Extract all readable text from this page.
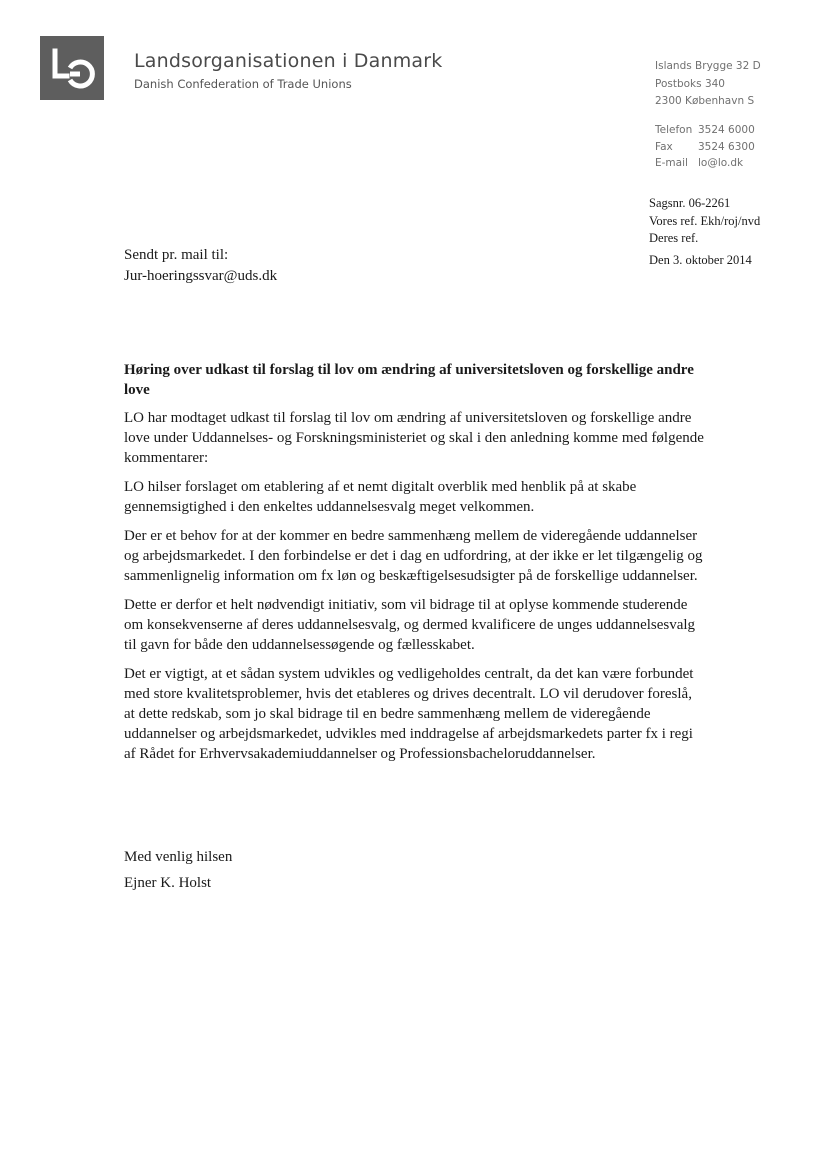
Landsorganisationen i Danmark
Danish Confederation of Trade Unions
Islands Brygge 32 D
Postboks 340
2300 København S
Telefon 3524 6000
Fax 3524 6300
E-mail lo@lo.dk
Sagsnr. 06-2261
Vores ref. Ekh/roj/nvd
Deres ref.
Den 3. oktober 2014
Sendt pr. mail til:
Jur-hoeringssvar@uds.dk

Høring over udkast til forslag til lov om ændring af universitetsloven og forskellige andre love

LO har modtaget udkast til forslag til lov om ændring af universitetsloven og forskellige andre love under Uddannelses- og Forskningsministeriet og skal i den anledning komme med følgende kommentarer:

LO hilser forslaget om etablering af et nemt digitalt overblik med henblik på at skabe gennemsigtighed i den enkeltes uddannelsesvalg meget velkommen.

Der er et behov for at der kommer en bedre sammenhæng mellem de videregående uddannelser og arbejdsmarkedet. I den forbindelse er det i dag en udfordring, at der ikke er let tilgængelig og sammenlignelig information om fx løn og beskæftigelsesudsigter på de forskellige uddannelser.

Dette er derfor et helt nødvendigt initiativ, som vil bidrage til at oplyse kommende studerende om konsekvenserne af deres uddannelsesvalg, og dermed kvalificere de unges uddannelsesvalg til gavn for både den uddannelsessøgende og fællesskabet.

Det er vigtigt, at et sådan system udvikles og vedligeholdes centralt, da det kan være forbundet med store kvalitetsproblemer, hvis det etableres og drives decentralt. LO vil derudover foreslå, at dette redskab, som jo skal bidrage til en bedre sammenhæng mellem de videregående uddannelser og arbejdsmarkedet, udvikles med inddragelse af arbejdsmarkedets parter fx i regi af Rådet for Erhvervsakademiuddannelser og Professionsbacheloruddannelser.

Med venlig hilsen
Ejner K. Holst
